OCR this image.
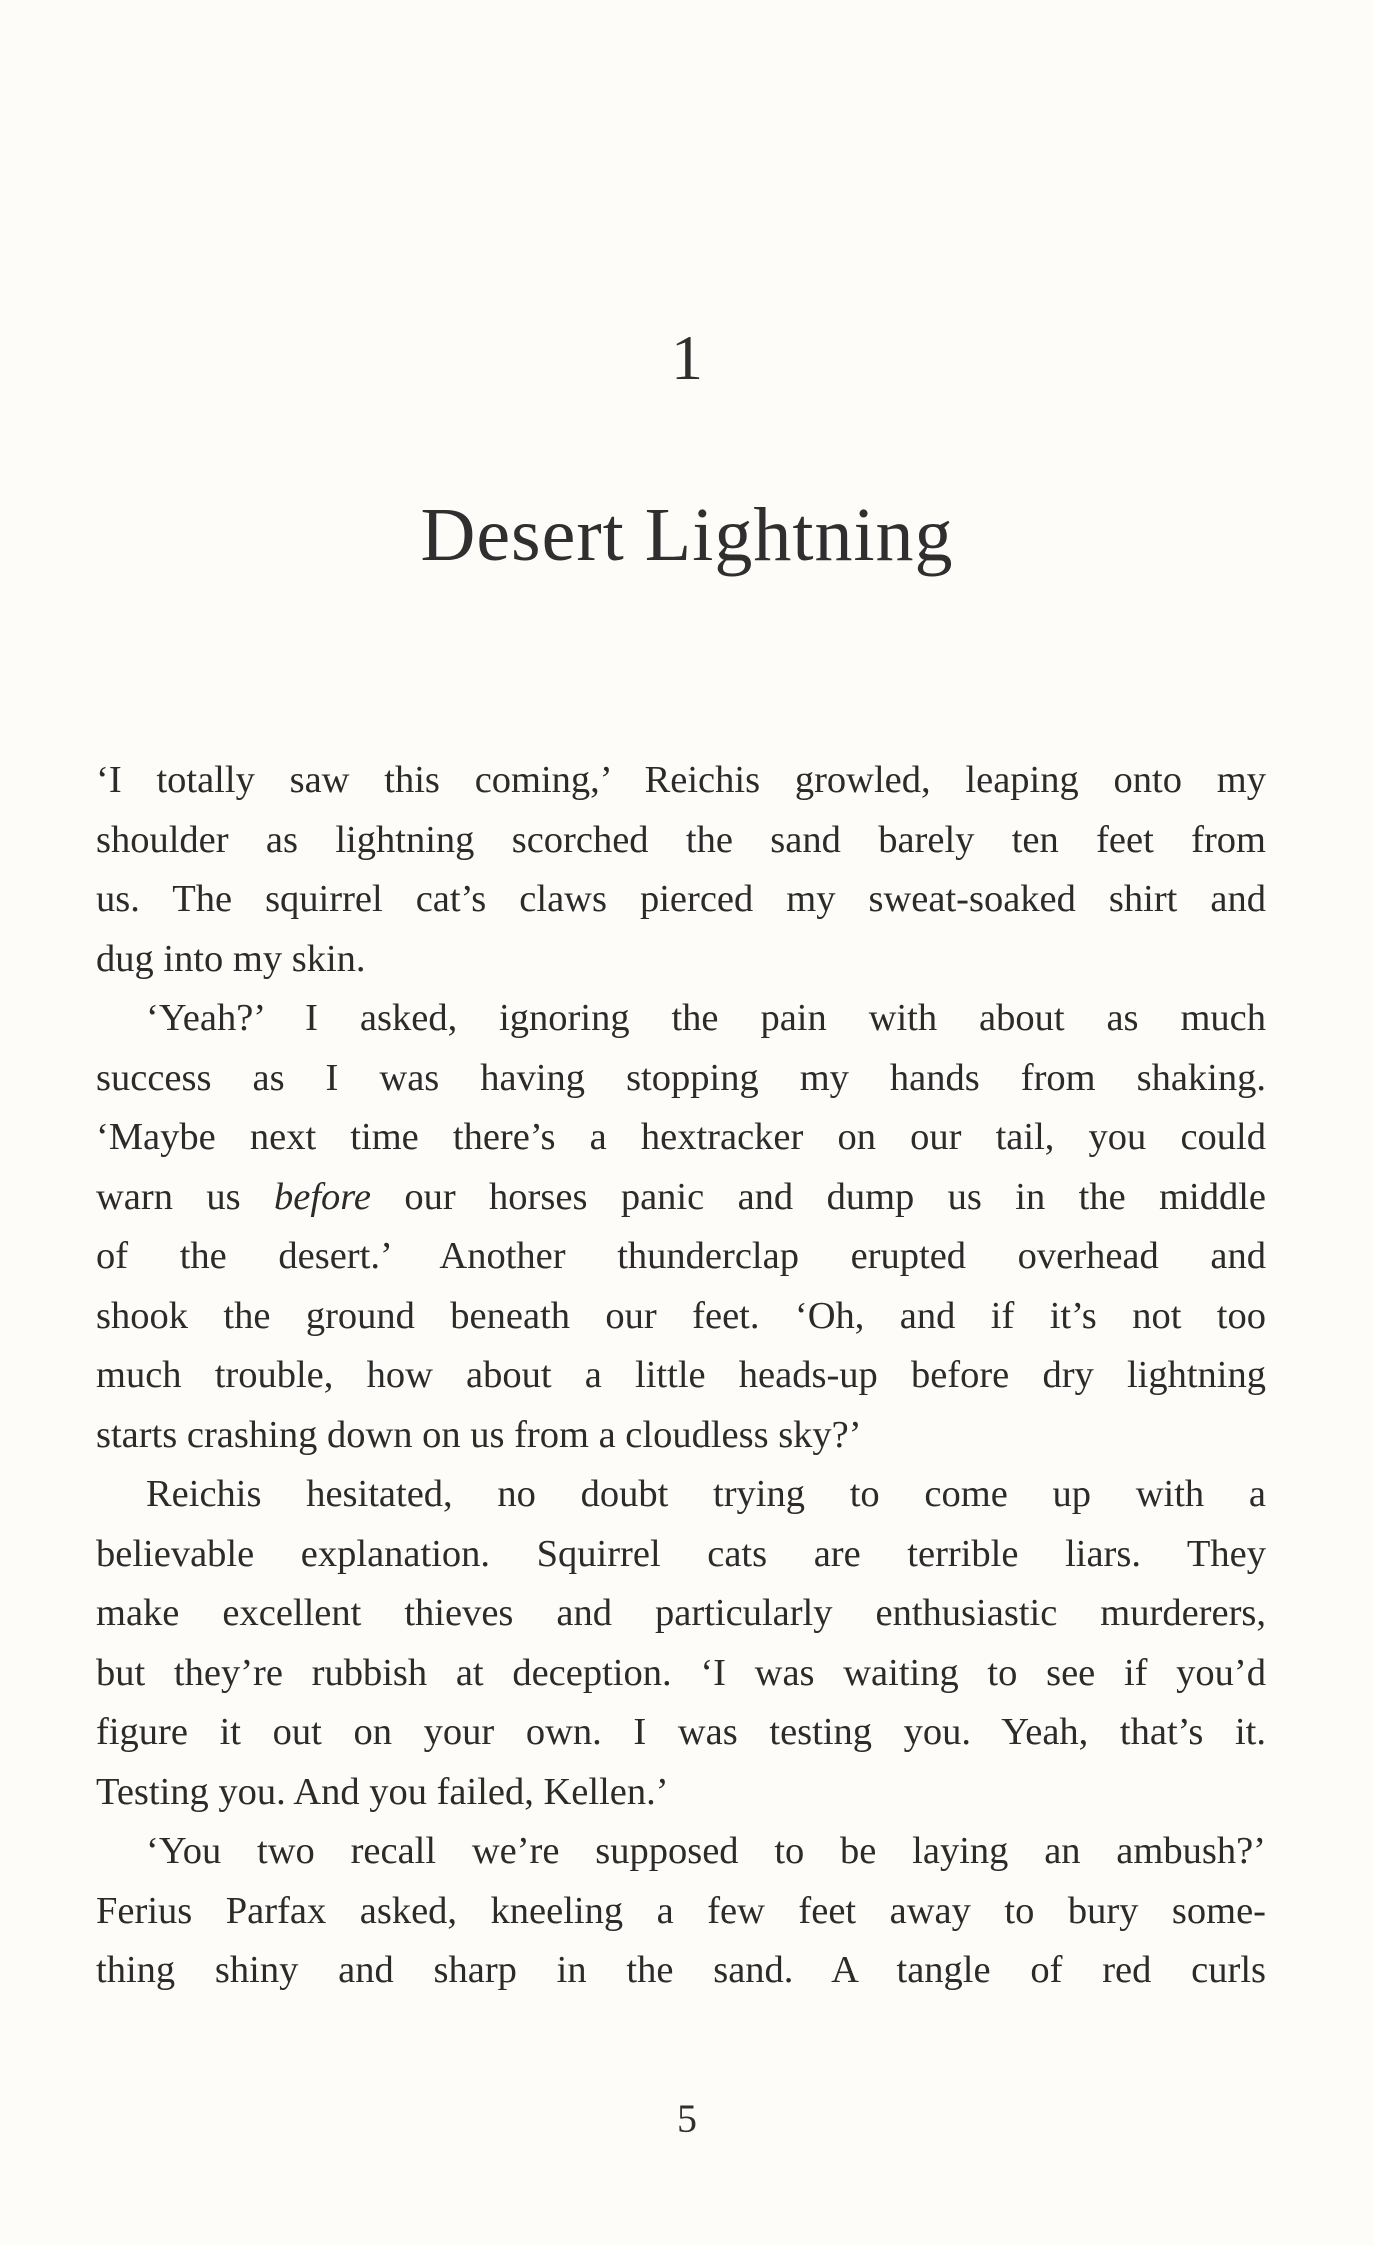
1
Desert Lightning
‘I totally saw this coming,’ Reichis growled, leaping onto my
shoulder as lightning scorched the sand barely ten feet from
us. The squirrel cat’s claws pierced my sweat-soaked shirt and
dug into my skin.
‘Yeah?’ I asked, ignoring the pain with about as much
success as I was having stopping my hands from shaking.
‘Maybe next time there’s a hextracker on our tail, you could
warn us before our horses panic and dump us in the middle
of the desert.’ Another thunderclap erupted overhead and
shook the ground beneath our feet. ‘Oh, and if it’s not too
much trouble, how about a little heads-up before dry lightning
starts crashing down on us from a cloudless sky?’
Reichis hesitated, no doubt trying to come up with a
believable explanation. Squirrel cats are terrible liars. They
make excellent thieves and particularly enthusiastic murderers,
but they’re rubbish at deception. ‘I was waiting to see if you’d
figure it out on your own. I was testing you. Yeah, that’s it.
Testing you. And you failed, Kellen.’
‘You two recall we’re supposed to be laying an ambush?’
Ferius Parfax asked, kneeling a few feet away to bury some-
thing shiny and sharp in the sand. A tangle of red curls
5
